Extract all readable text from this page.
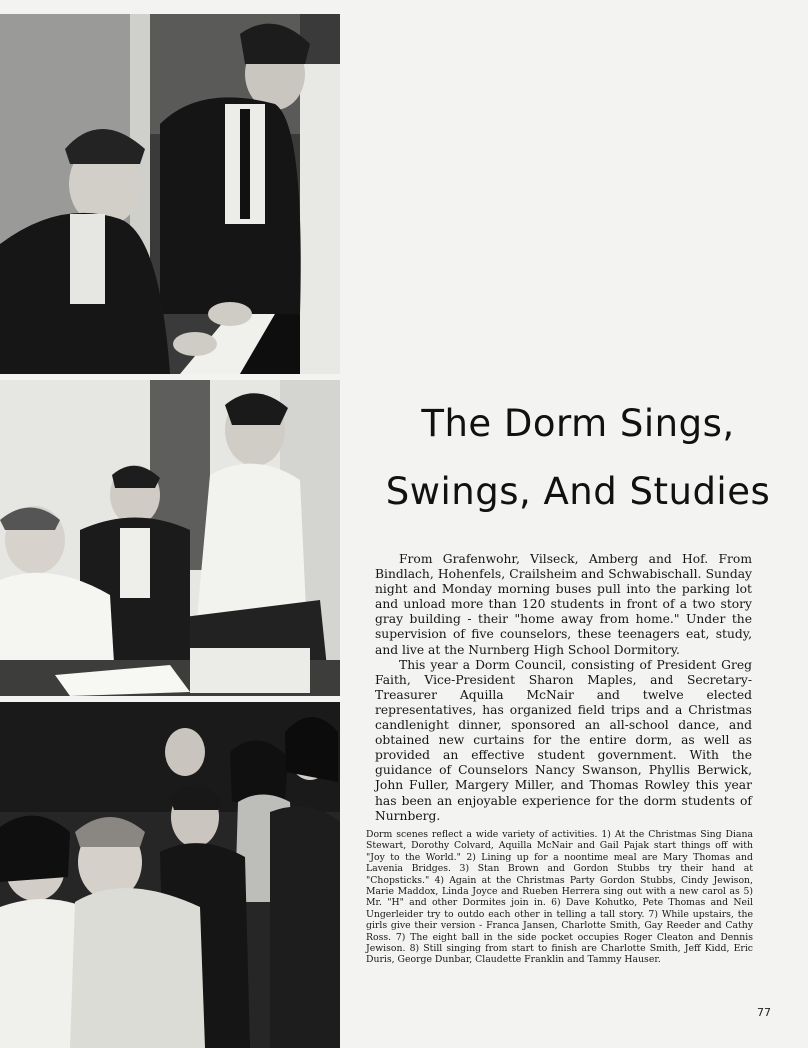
The Dorm Sings,
Swings, And Studies

From Grafenwohr, Vilseck, Amberg and Hof. From Bindlach, Hohenfels, Crailsheim and Schwabischall. Sunday night and Monday morning buses pull into the parking lot and unload more than 120 students in front of a two story gray building - their "home away from home." Under the supervision of five counselors, these teenagers eat, study, and live at the Nurnberg High School Dormitory.

This year a Dorm Council, consisting of President Greg Faith, Vice-President Sharon Maples, and Secretary-Treasurer Aquilla McNair and twelve elected representatives, has organized field trips and a Christmas candlenight dinner, sponsored an all-school dance, and obtained new curtains for the entire dorm, as well as provided an effective student government. With the guidance of Counselors Nancy Swanson, Phyllis Berwick, John Fuller, Margery Miller, and Thomas Rowley this year has been an enjoyable experience for the dorm students of Nurnberg.

Dorm scenes reflect a wide variety of activities. 1) At the Christmas Sing Diana Stewart, Dorothy Colvard, Aquilla McNair and Gail Pajak start things off with "Joy to the World." 2) Lining up for a noontime meal are Mary Thomas and Lavenia Bridges. 3) Stan Brown and Gordon Stubbs try their hand at "Chopsticks." 4) Again at the Christmas Party Gordon Stubbs, Cindy Jewison, Marie Maddox, Linda Joyce and Rueben Herrera sing out with a new carol as 5) Mr. "H" and other Dormites join in. 6) Dave Kohutko, Pete Thomas and Neil Ungerleider try to outdo each other in telling a tall story. 7) While upstairs, the girls give their version - Franca Jansen, Charlotte Smith, Gay Reeder and Cathy Ross. 7) The eight ball in the side pocket occupies Roger Cleaton and Dennis Jewison. 8) Still singing from start to finish are Charlotte Smith, Jeff Kidd, Eric Duris, George Dunbar, Claudette Franklin and Tammy Hauser.
77
